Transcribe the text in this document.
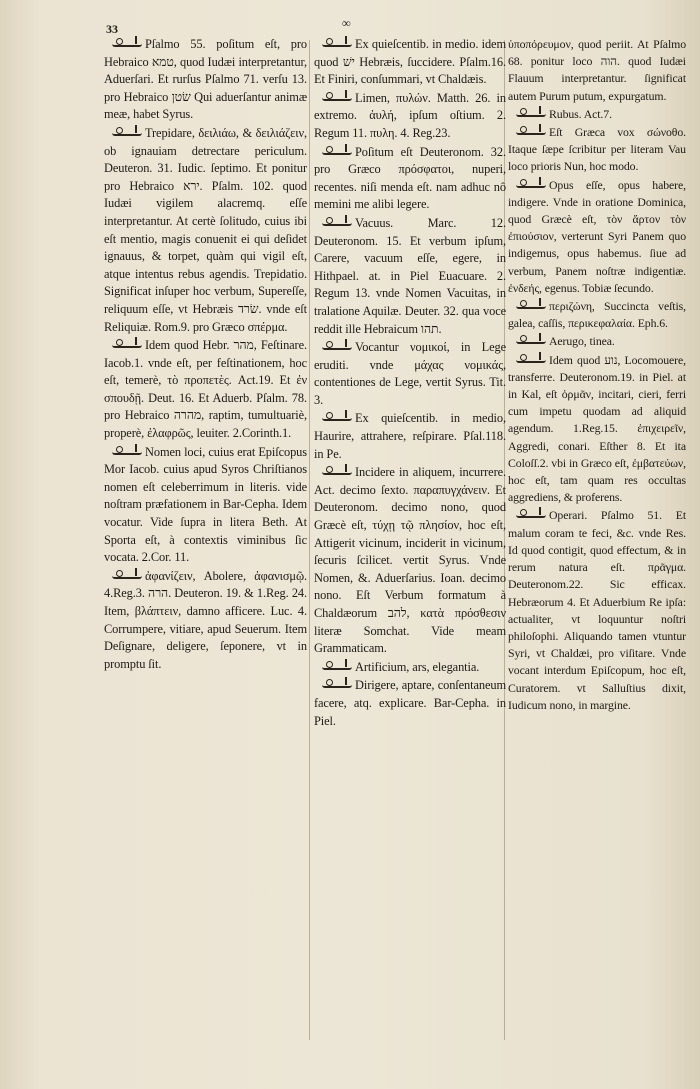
33	∞

Pſalmo 55. poſitum eſt, pro Hebraico טמא, quod Iudæi interpretantur, Aduerſari. Et rurſus Pſalmo 71. verſu 13. pro Hebraico שׂטן Qui aduerſantur animæ meæ, habet Syrus.

Trepidare, δειλιάω, & δειλιάζειν, ob ignauiam detrectare periculum. Deuteron. 31. Iudic. ſeptimo. Et ponitur pro Hebraico ירא. Pſalm. 102. quod Iudæi vigilem alacremq. eſſe interpretantur. At certè ſolitudo, cuius ibi eſt mentio, magis conuenit ei qui deſidet ignauus, & torpet, quàm qui vigil eſt, atque intentus rebus agendis. Trepidatio. Significat inſuper hoc verbum, Supereſſe, reliquum eſſe, vt Hebræis שׂרד. vnde eſt Reliquiæ. Rom.9. pro Græco σπέρμα.

Idem quod Hebr. מהר, Feſtinare. Iacob.1. vnde eſt, per feſtinationem, hoc eſt, temerè, τὸ προπετὲς. Act.19. Et ἐν σπουδῇ. Deut. 16. Et Aduerb. Pſalm. 78. pro Hebraico מהרה, raptim, tumultuariè, properè, ἐλαφρῶς, leuiter. 2.Corinth.1.

Nomen loci, cuius erat Epiſcopus Mor Iacob. cuius apud Syros Chriſtianos nomen eſt celeberrimum in literis. vide noſtram præfationem in Bar-Cepha. Idem vocatur. Vide ſupra in litera Beth. At Sporta eſt, à contextis viminibus ſic vocata. 2.Cor. 11.

ἀφανίζειν, Abolere, ἀφανισμῷ. 4.Reg.3. הרה. Deuteron. 19. & 1.Reg. 24. Item, βλάπτειν, damno afficere. Luc. 4. Corrumpere, vitiare, apud Seuerum. Item Deſignare, deligere, ſeponere, vt in promptu ſit.

Ex quieſcentib. in medio. idem quod ישׁ Hebræis, ſuccidere. Pſalm.16. Et Finiri, conſummari, vt Chaldæis.

Limen, πυλών. Matth. 26. in extremo. ἀυλή, ipſum oſtium. 2. Regum 11. πυλη. 4. Reg.23.

Poſitum eſt Deuteronom. 32. pro Græco πρόσφατοι, nuperi, recentes. niſi menda eſt. nam adhuc nô memini me alibi legere.

Vacuus. Marc. 12. Deuteronom. 15. Et verbum ipſum, Carere, vacuum eſſe, egere, in Hithpael. at. in Piel Euacuare. 2. Regum 13. vnde Nomen Vacuitas, in tralatione Aquilæ. Deuter. 32. qua voce reddit ille Hebraicum תהו.

Vocantur νομικοί, in Lege eruditi. vnde μάχας νομικάς, contentiones de Lege, vertit Syrus. Tit. 3.

Ex quieſcentib. in medio, Haurire, attrahere, reſpirare. Pſal.118. in Pe.

Incidere in aliquem, incurrere. Act. decimo ſexto. παραπυγχάνειν. Et Deuteronom. decimo nono, quod Græcè eſt, τύχῃ τῷ πλησίον, hoc eſt, Attigerit vicinum, inciderit in vicinum, ſecuris ſcilicet. vertit Syrus. Vnde Nomen, &. Aduerſarius. Ioan. decimo nono. Eſt Verbum formatum à Chaldæorum להב, κατὰ πρόσθεσιν literæ Somchat. Vide meam Grammaticam.

Artificium, ars, elegantia.

Dirigere, aptare, conſentaneum facere, atq. explicare. Bar-Cepha. in Piel.

ὑποπόρευμον, quod periit. At Pſalmo 68. ponitur loco הוה. quod Iudæi Flauum interpretantur. ſignificat autem Purum putum, expurgatum.

Rubus. Act.7.

Eſt Græca vox σώνοθο. Itaque ſæpe ſcribitur per literam Vau loco prioris Nun, hoc modo.

Opus eſſe, opus habere, indigere. Vnde in oratione Dominica, quod Græcè eſt, τὸν ἄρτον τὸν ἐπιούσιον, verterunt Syri Panem quo indigemus, opus habemus. ſiue ad verbum, Panem noſtræ indigentiæ. ἐνδεής, egenus. Tobiæ ſecundo.

περιζώνη, Succincta veſtis, galea, caſſis, περικεφαλαία. Eph.6.

Aerugo, tinea.

Idem quod נוע, Locomouere, transferre. Deuteronom.19. in Piel. at in Kal, eſt ὁρμᾶν, incitari, cieri, ferri cum impetu quodam ad aliquid agendum. 1.Reg.15. ἐπιχειρεῖν, Aggredi, conari. Eſther 8. Et ita Coloſſ.2. vbi in Græco eſt, ἐμβατεύων, hoc eſt, tam quam res occultas aggrediens, & proferens.

Operari. Pſalmo 51. Et malum coram te feci, &c. vnde Res. Id quod contigit, quod effectum, & in rerum natura eſt. πρᾶγμα. Deuteronom.22. Sic efficax. Hebræorum 4. Et Aduerbium Re ipſa: actualiter, vt loquuntur noſtri philoſophi. Aliquando tamen vtuntur Syri, vt Chaldæi, pro viſitare. Vnde vocant interdum Epiſcopum, hoc eſt, Curatorem. vt Salluſtius dixit, Iudicum nono, in margine.
